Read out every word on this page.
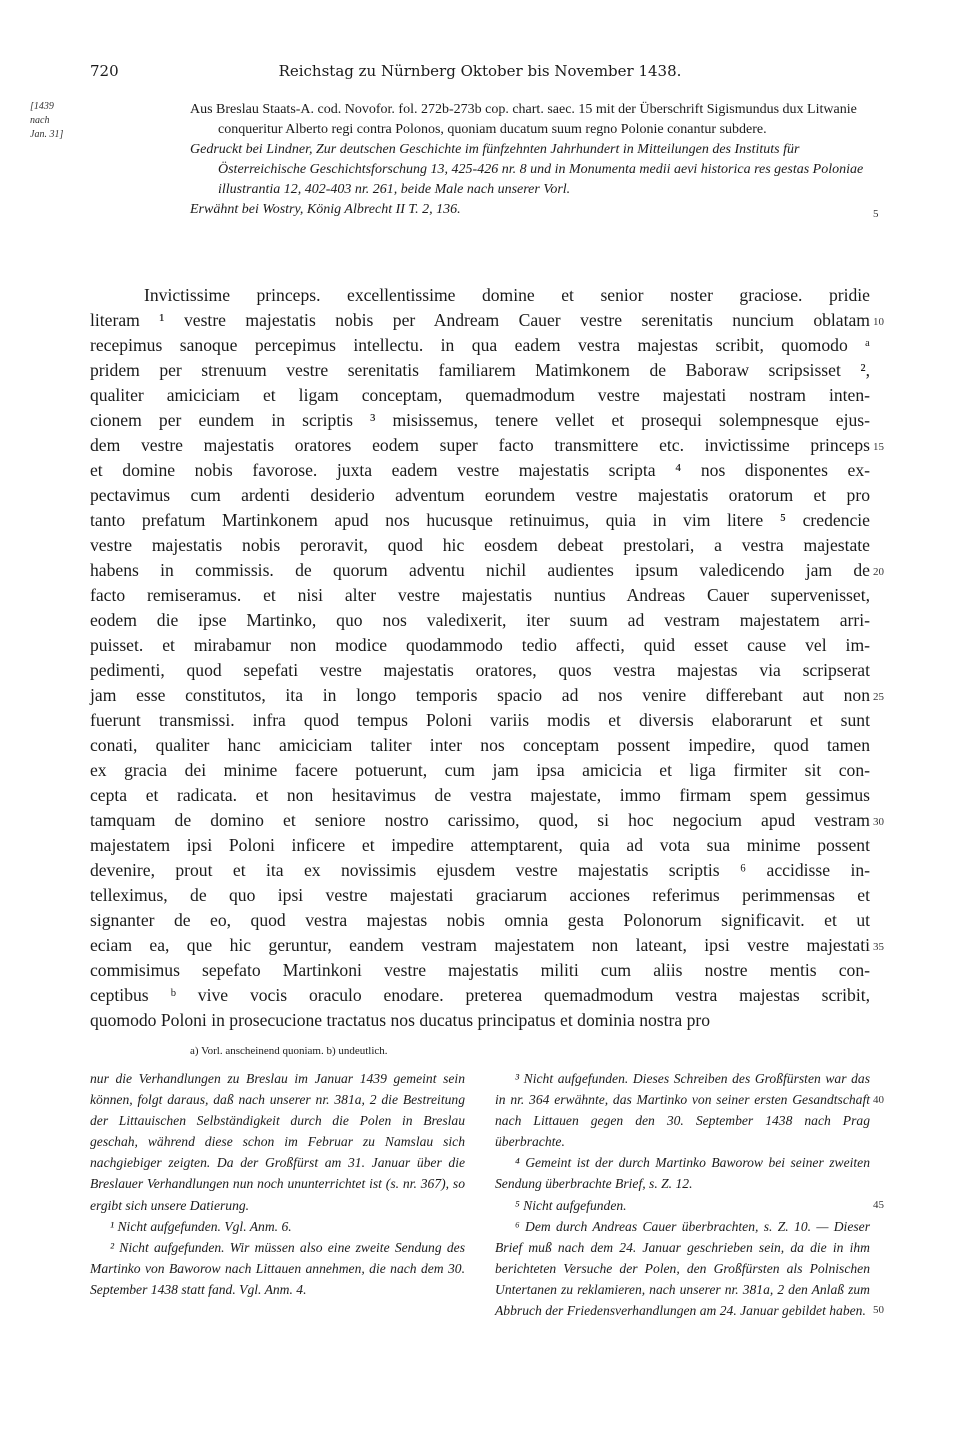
720	Reichstag zu Nürnberg Oktober bis November 1438.
[1439
nach
Jan. 31]

Aus Breslau Staats-A. cod. Novofor. fol. 272b-273b cop. chart. saec. 15 mit der Überschrift Sigismundus dux Litwanie conqueritur Alberto regi contra Polonos, quoniam ducatum suum regno Polonie conantur subdere.

Gedruckt bei Lindner, Zur deutschen Geschichte im fünfzehnten Jahrhundert in Mitteilungen des Instituts für Österreichische Geschichtsforschung 13, 425-426 nr. 8 und in Monumenta medii aevi historica res gestas Poloniae illustrantia 12, 402-403 nr. 261, beide Male nach unserer Vorl.

Erwähnt bei Wostry, König Albrecht II T. 2, 136.

Invictissime princeps. excellentissime domine et senior noster graciose. pridie
literam ¹ vestre majestatis nobis per Andream Cauer vestre serenitatis nuncium oblatam
recepimus sanoque percepimus intellectu. in qua eadem vestra majestas scribit, quomodo ᵃ
pridem per strenuum vestre serenitatis familiarem Matimkonem de Baboraw scripsisset ²,
qualiter amiciciam et ligam conceptam, quemadmodum vestre majestati nostram inten-
cionem per eundem in scriptis ³ misissemus, tenere vellet et prosequi solempnesque ejus-
dem vestre majestatis oratores eodem super facto transmittere etc. invictissime princeps
et domine nobis favorose. juxta eadem vestre majestatis scripta ⁴ nos disponentes ex-
pectavimus cum ardenti desiderio adventum eorundem vestre majestatis oratorum et pro
tanto prefatum Martinkonem apud nos hucusque retinuimus, quia in vim litere ⁵ credencie
vestre majestatis nobis peroravit, quod hic eosdem debeat prestolari, a vestra majestate
habens in commissis. de quorum adventu nichil audientes ipsum valedicendo jam de
facto remiseramus. et nisi alter vestre majestatis nuntius Andreas Cauer supervenisset,
eodem die ipse Martinko, quo nos valedixerit, iter suum ad vestram majestatem arri-
puisset. et mirabamur non modice quodammodo tedio affecti, quid esset cause vel im-
pedimenti, quod sepefati vestre majestatis oratores, quos vestra majestas via scripserat
jam esse constitutos, ita in longo temporis spacio ad nos venire differebant aut non
fuerunt transmissi. infra quod tempus Poloni variis modis et diversis elaborarunt et sunt
conati, qualiter hanc amiciciam taliter inter nos conceptam possent impedire, quod tamen
ex gracia dei minime facere potuerunt, cum jam ipsa amicicia et liga firmiter sit con-
cepta et radicata. et non hesitavimus de vestra majestate, immo firmam spem gessimus
tamquam de domino et seniore nostro carissimo, quod, si hoc negocium apud vestram
majestatem ipsi Poloni inficere et impedire attemptarent, quia ad vota sua minime possent
devenire, prout et ita ex novissimis ejusdem vestre majestatis scriptis ⁶ accidisse in-
telleximus, de quo ipsi vestre majestati graciarum acciones referimus perimmensas et
signanter de eo, quod vestra majestas nobis omnia gesta Polonorum significavit. et ut
eciam ea, que hic geruntur, eandem vestram majestatem non lateant, ipsi vestre majestati
commisimus sepefato Martinkoni vestre majestatis militi cum aliis nostre mentis con-
ceptibus ᵇ vive vocis oraculo enodare. preterea quemadmodum vestra majestas scribit,
quomodo Poloni in prosecucione tractatus nos ducatus principatus et dominia nostra pro
5
10
15
20
25
30
35
a) Vorl. anscheinend quoniam. b) undeutlich.

nur die Verhandlungen zu Breslau im Januar 1439 gemeint sein können, folgt daraus, daß nach unserer nr. 381a, 2 die Bestreitung der Littauischen Selbständigkeit durch die Polen in Breslau geschah, während diese schon im Februar zu Namslau sich nachgiebiger zeigten. Da der Großfürst am 31. Januar über die Breslauer Verhandlungen nun noch ununterrichtet ist (s. nr. 367), so ergibt sich unsere Datierung.

¹ Nicht aufgefunden. Vgl. Anm. 6.

² Nicht aufgefunden. Wir müssen also eine zweite Sendung des Martinko von Baworow nach Littauen annehmen, die nach dem 30. September 1438 statt fand. Vgl. Anm. 4.

³ Nicht aufgefunden. Dieses Schreiben des Großfürsten war das in nr. 364 erwähnte, das Martinko von seiner ersten Gesandtschaft nach Littauen gegen den 30. September 1438 nach Prag überbrachte.

⁴ Gemeint ist der durch Martinko Baworow bei seiner zweiten Sendung überbrachte Brief, s. Z. 12.

⁵ Nicht aufgefunden.

⁶ Dem durch Andreas Cauer überbrachten, s. Z. 10. — Dieser Brief muß nach dem 24. Januar geschrieben sein, da die in ihm berichteten Versuche der Polen, den Großfürsten als Polnischen Untertanen zu reklamieren, nach unserer nr. 381a, 2 den Anlaß zum Abbruch der Friedensverhandlungen am 24. Januar gebildet haben.

40
45
50
